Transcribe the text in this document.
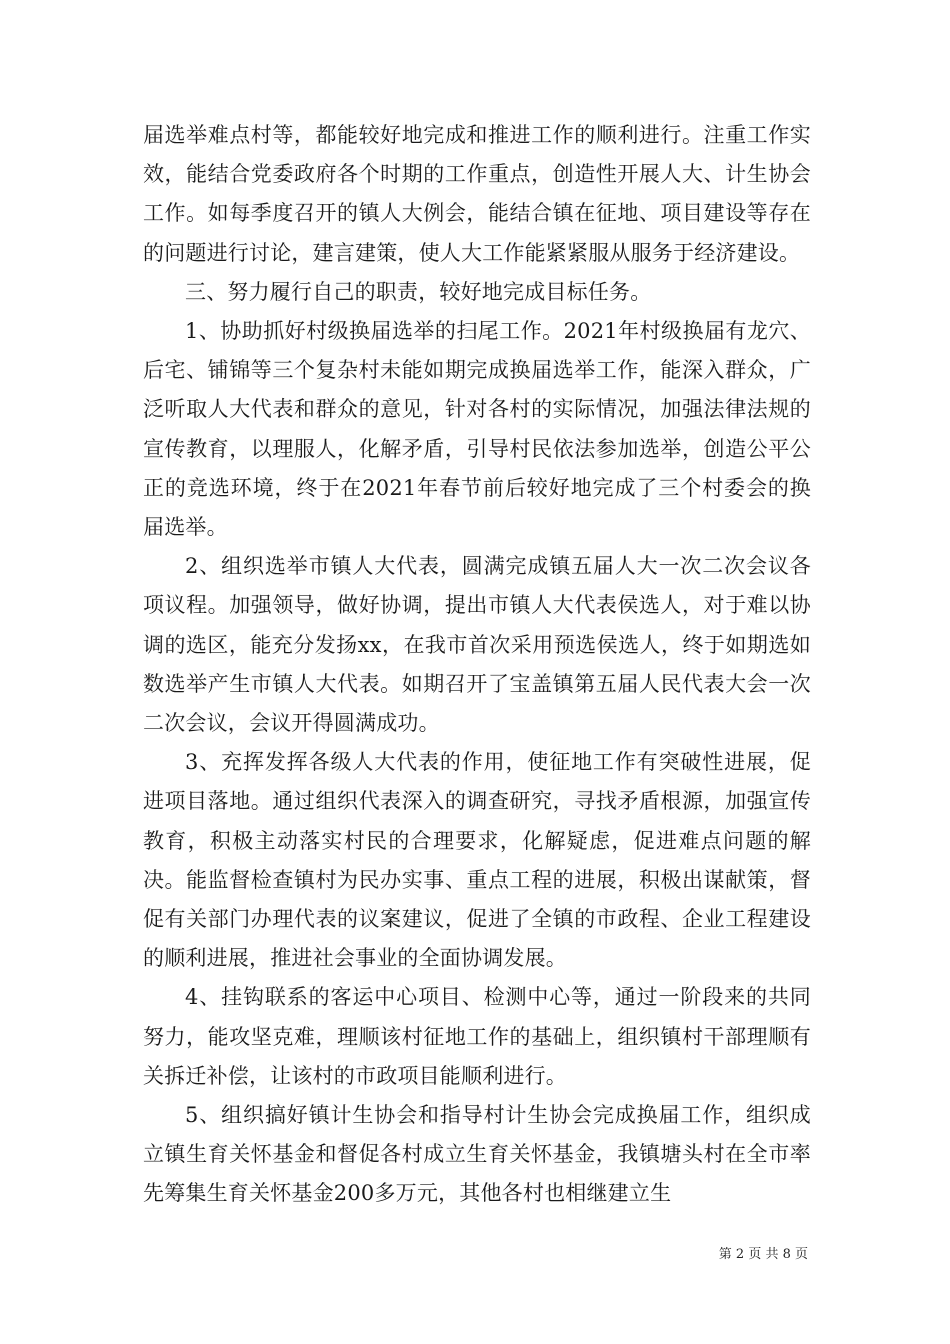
届选举难点村等，都能较好地完成和推进工作的顺利进行。注重工作实效，能结合党委政府各个时期的工作重点，创造性开展人大、计生协会工作。如每季度召开的镇人大例会，能结合镇在征地、项目建设等存在的问题进行讨论，建言建策，使人大工作能紧紧服从服务于经济建设。

三、努力履行自己的职责，较好地完成目标任务。

1、协助抓好村级换届选举的扫尾工作。2021年村级换届有龙穴、后宅、铺锦等三个复杂村未能如期完成换届选举工作，能深入群众，广泛听取人大代表和群众的意见，针对各村的实际情况，加强法律法规的宣传教育，以理服人，化解矛盾，引导村民依法参加选举，创造公平公正的竞选环境，终于在2021年春节前后较好地完成了三个村委会的换届选举。

2、组织选举市镇人大代表，圆满完成镇五届人大一次二次会议各项议程。加强领导，做好协调，提出市镇人大代表侯选人，对于难以协调的选区，能充分发扬xx，在我市首次采用预选侯选人，终于如期选如数选举产生市镇人大代表。如期召开了宝盖镇第五届人民代表大会一次二次会议，会议开得圆满成功。

3、充挥发挥各级人大代表的作用，使征地工作有突破性进展，促进项目落地。通过组织代表深入的调查研究，寻找矛盾根源，加强宣传教育，积极主动落实村民的合理要求，化解疑虑，促进难点问题的解决。能监督检查镇村为民办实事、重点工程的进展，积极出谋献策，督促有关部门办理代表的议案建议，促进了全镇的市政程、企业工程建设的顺利进展，推进社会事业的全面协调发展。

4、挂钩联系的客运中心项目、检测中心等，通过一阶段来的共同努力，能攻坚克难，理顺该村征地工作的基础上，组织镇村干部理顺有关拆迁补偿，让该村的市政项目能顺利进行。

5、组织搞好镇计生协会和指导村计生协会完成换届工作，组织成立镇生育关怀基金和督促各村成立生育关怀基金，我镇塘头村在全市率先筹集生育关怀基金200多万元，其他各村也相继建立生

第 2 页 共 8 页
